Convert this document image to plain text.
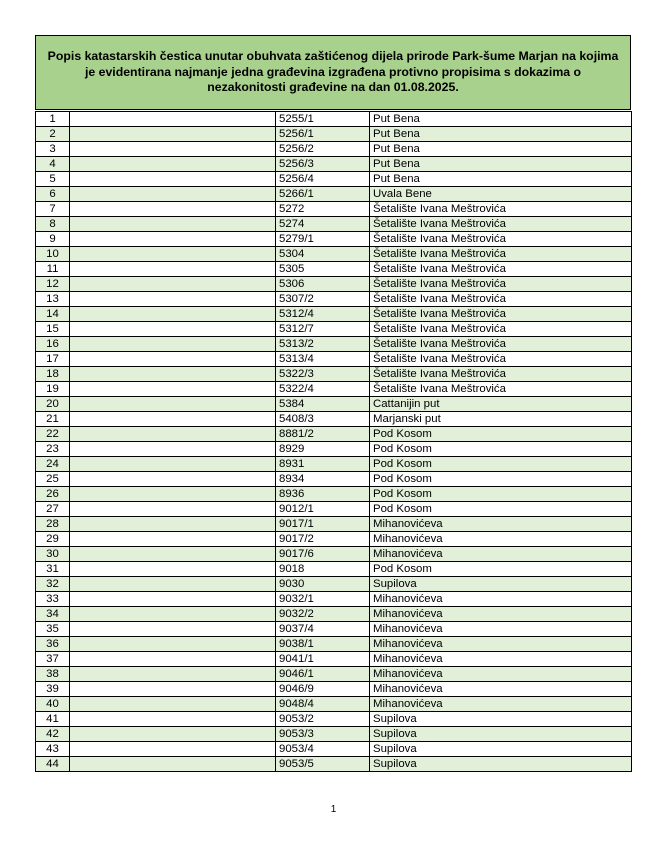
Popis katastarskih čestica unutar obuhvata zaštićenog dijela prirode Park-šume Marjan na kojima je evidentirana najmanje jedna građevina izgrađena protivno propisima s dokazima o nezakonitosti građevine na dan 01.08.2025.
1		5255/1	Put Bena
2		5256/1	Put Bena
3		5256/2	Put Bena
4		5256/3	Put Bena
5		5256/4	Put Bena
6		5266/1	Uvala Bene
7		5272	Šetalište Ivana Meštrovića
8		5274	Šetalište Ivana Meštrovića
9		5279/1	Šetalište Ivana Meštrovića
10		5304	Šetalište Ivana Meštrovića
11		5305	Šetalište Ivana Meštrovića
12		5306	Šetalište Ivana Meštrovića
13		5307/2	Šetalište Ivana Meštrovića
14		5312/4	Šetalište Ivana Meštrovića
15		5312/7	Šetalište Ivana Meštrovića
16		5313/2	Šetalište Ivana Meštrovića
17		5313/4	Šetalište Ivana Meštrovića
18		5322/3	Šetalište Ivana Meštrovića
19		5322/4	Šetalište Ivana Meštrovića
20		5384	Cattanijin put
21		5408/3	Marjanski put
22		8881/2	Pod Kosom
23		8929	Pod Kosom
24		8931	Pod Kosom
25		8934	Pod Kosom
26		8936	Pod Kosom
27		9012/1	Pod Kosom
28		9017/1	Mihanovićeva
29		9017/2	Mihanovićeva
30		9017/6	Mihanovićeva
31		9018	Pod Kosom
32		9030	Supilova
33		9032/1	Mihanovićeva
34		9032/2	Mihanovićeva
35		9037/4	Mihanovićeva
36		9038/1	Mihanovićeva
37		9041/1	Mihanovićeva
38		9046/1	Mihanovićeva
39		9046/9	Mihanovićeva
40		9048/4	Mihanovićeva
41		9053/2	Supilova
42		9053/3	Supilova
43		9053/4	Supilova
44		9053/5	Supilova
1
